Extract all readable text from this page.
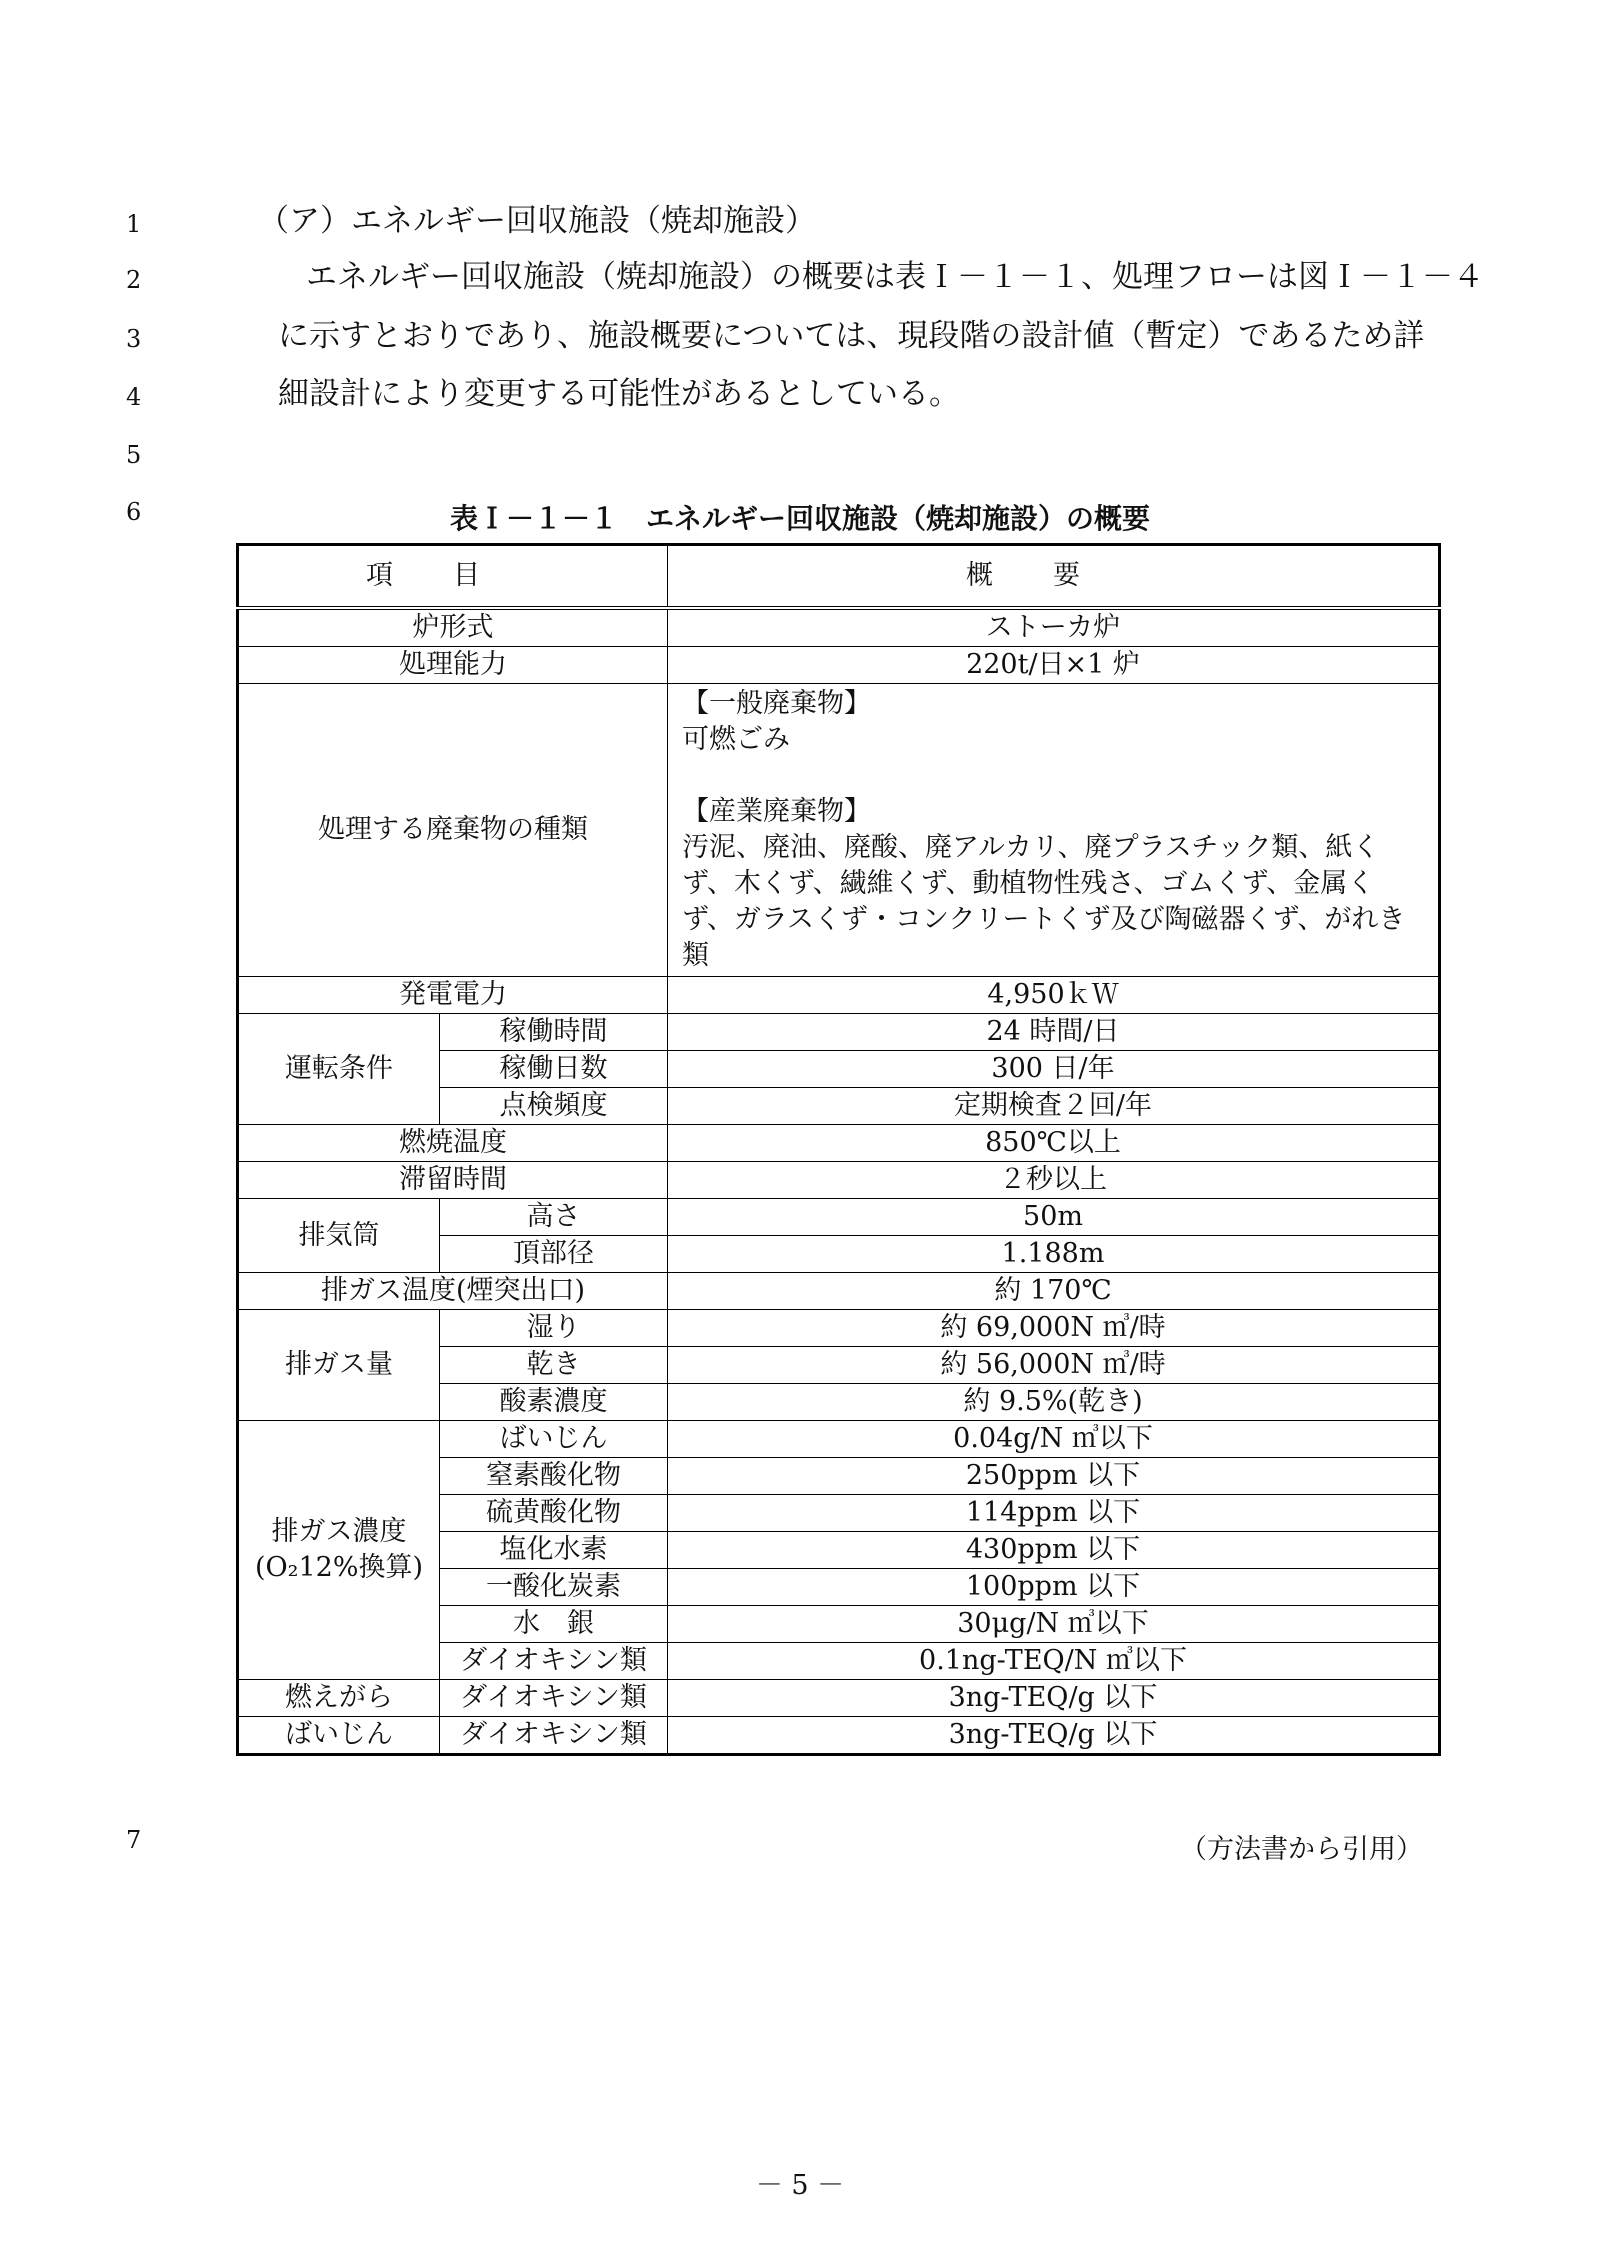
1
2
3
4
5
6
7
（ア）エネルギー回収施設（焼却施設）
エネルギー回収施設（焼却施設）の概要は表Ｉ－１－１、処理フローは図Ｉ－１－４
に示すとおりであり、施設概要については、現段階の設計値（暫定）であるため詳
細設計により変更する可能性があるとしている。
表Ｉ－１－１　エネルギー回収施設（焼却施設）の概要
項目		概要
炉形式		ストーカ炉
処理能力		220t/日×1 炉
処理する廃棄物の種類		【一般廃棄物】
可燃ごみ
【産業廃棄物】
汚泥、廃油、廃酸、廃アルカリ、廃プラスチック類、紙くず、木くず、繊維くず、動植物性残さ、ゴムくず、金属くず、ガラスくず・コンクリートくず及び陶磁器くず、がれき類

発電電力		4,950ｋＷ
運転条件	稼働時間	24 時間/日
	稼働日数	300 日/年
	点検頻度	定期検査２回/年
燃焼温度		850℃以上
滞留時間		２秒以上
排気筒	高さ	50m
	頂部径	1.188m
排ガス温度(煙突出口)		約 170℃
排ガス量	湿り	約 69,000N ㎥/時
	乾き	約 56,000N ㎥/時
	酸素濃度	約 9.5%(乾き)

排ガス濃度
(O₂12%換算)	ばいじん	0.04g/N ㎥以下
	窒素酸化物	250ppm 以下
	硫黄酸化物	114ppm 以下
	塩化水素	430ppm 以下
	一酸化炭素	100ppm 以下
	水　銀	30μg/N ㎥以下
	ダイオキシン類	0.1ng-TEQ/N ㎥以下
燃えがら	ダイオキシン類	3ng-TEQ/g 以下
ばいじん	ダイオキシン類	3ng-TEQ/g 以下
（方法書から引用）
－ 5 －
